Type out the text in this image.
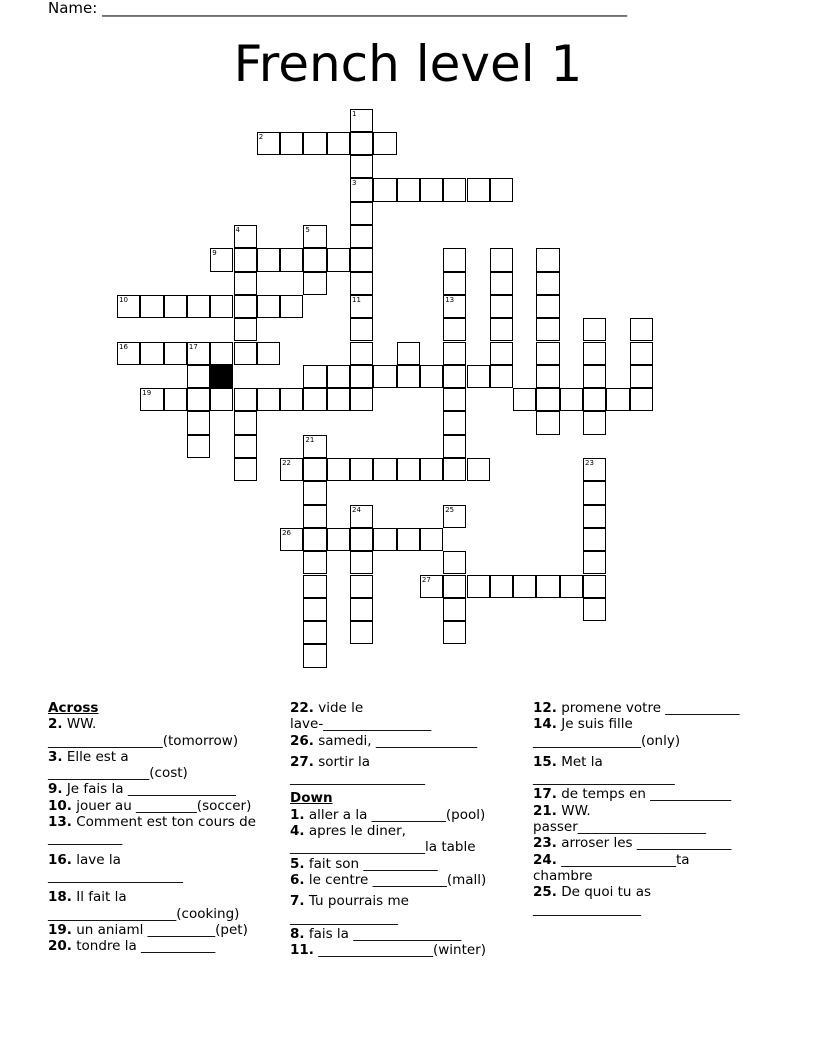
Name: ______________________________________________________________________
French level 1
1
3
11
2
9
10
16	17
19
4	5
13
21
22
26
24	25
27
23
Across
2. WW.
_________________(tomorrow)
3. Elle est a
_______________(cost)
9. Je fais la ________________
10. jouer au _________(soccer)
13. Comment est ton cours de
___________
16. lave la
____________________
18. Il fait la
___________________(cooking)
19. un aniaml __________(pet)
20. tondre la ___________
22. vide le
lave-________________
26. samedi, _______________
27. sortir la
____________________
Down
1. aller a la ___________(pool)
4. apres le diner,
____________________la table
5. fait son ___________
6. le centre ___________(mall)
7. Tu pourrais me
________________
8. fais la ________________
11. _________________(winter)
12. promene votre ___________
14. Je suis fille
________________(only)
15. Met la
_____________________
17. de temps en ____________
21. WW.
passer___________________
23. arroser les ______________
24. _________________ta
chambre
25. De quoi tu as
________________
